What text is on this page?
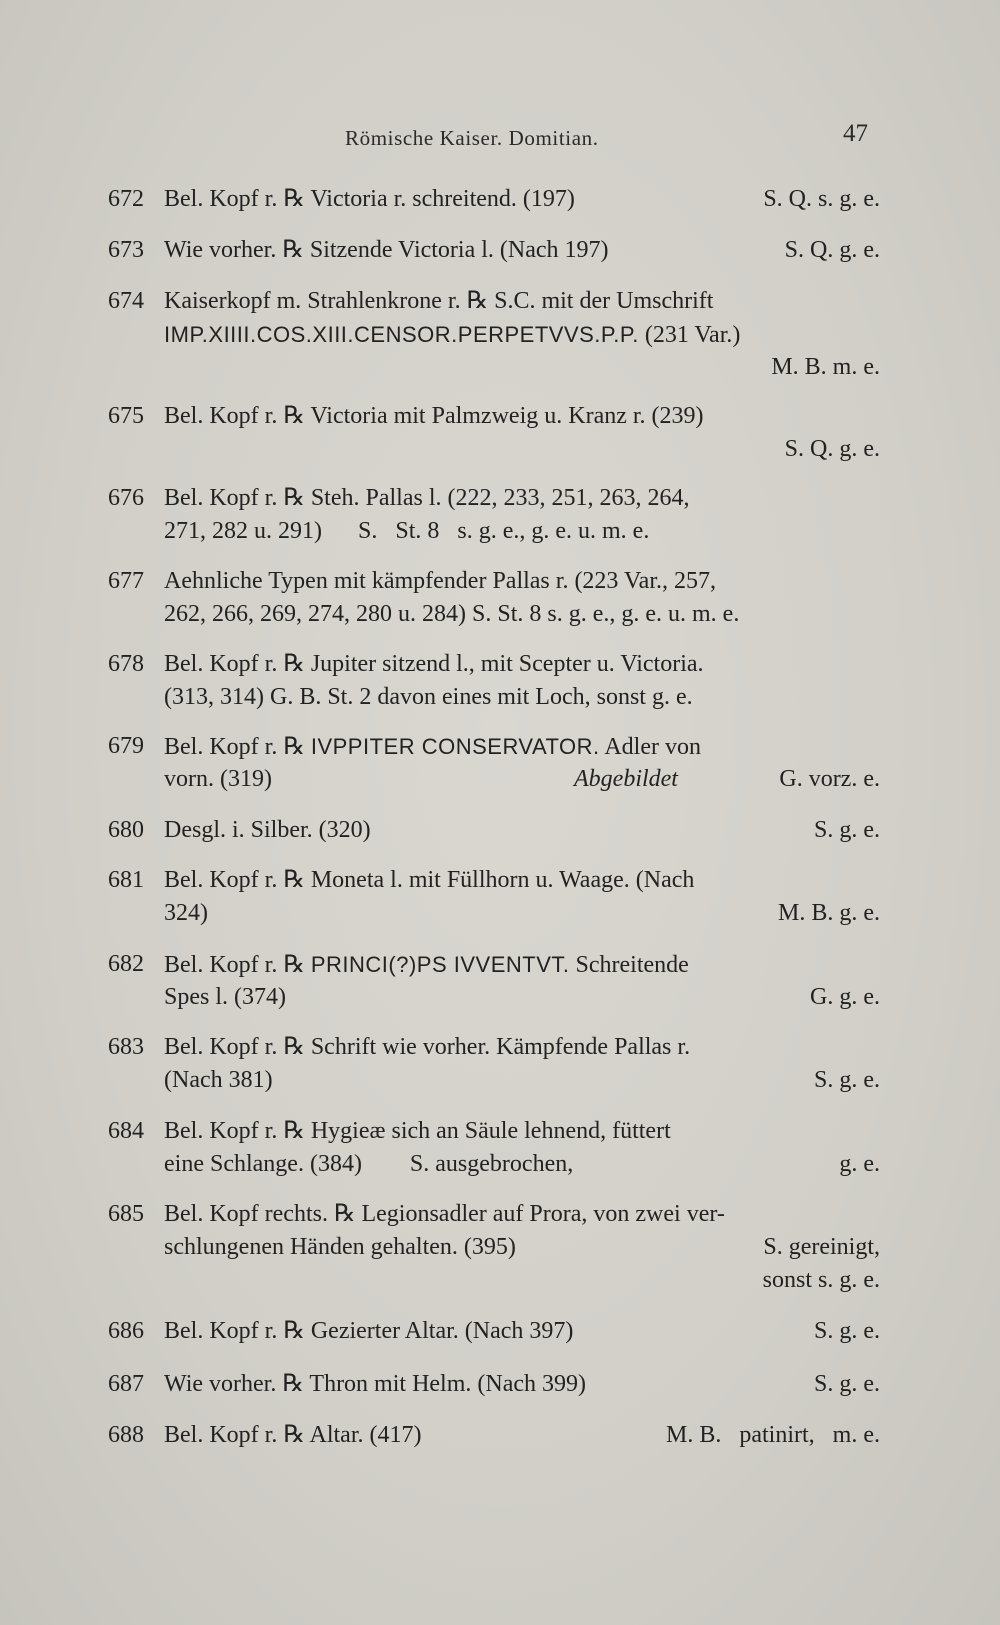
Römische Kaiser. Domitian.	47
672 Bel. Kopf r. ℞ Victoria r. schreitend. (197)	S. Q. s. g. e.
673 Wie vorher. ℞ Sitzende Victoria l. (Nach 197)	S. Q. g. e.
674 Kaiserkopf m. Strahlenkrone r. ℞ S.C. mit der Umschrift
IMP.XIIII.COS.XIII.CENSOR.PERPETVVS.P.P. (231 Var.)
M. B. m. e.
675 Bel. Kopf r. ℞ Victoria mit Palmzweig u. Kranz r. (239)
S. Q. g. e.
676 Bel. Kopf r. ℞ Steh. Pallas l. (222, 233, 251, 263, 264,
271, 282 u. 291)      S.   St. 8   s. g. e., g. e. u. m. e.
677 Aehnliche Typen mit kämpfender Pallas r. (223 Var., 257,
262, 266, 269, 274, 280 u. 284) S. St. 8 s. g. e., g. e. u. m. e.
678 Bel. Kopf r. ℞ Jupiter sitzend l., mit Scepter u. Victoria.
(313, 314) G. B. St. 2 davon eines mit Loch, sonst g. e.
679 Bel. Kopf r. ℞ IVPPITER CONSERVATOR. Adler von
vorn. (319)	Abgebildet	G. vorz. e.
680 Desgl. i. Silber. (320)	S. g. e.
681 Bel. Kopf r. ℞ Moneta l. mit Füllhorn u. Waage. (Nach
324)	M. B. g. e.
682 Bel. Kopf r. ℞ PRINCI(?)PS IVVENTVT. Schreitende
Spes l. (374)	G. g. e.
683 Bel. Kopf r. ℞ Schrift wie vorher. Kämpfende Pallas r.
(Nach 381)	S. g. e.
684 Bel. Kopf r. ℞ Hygieæ sich an Säule lehnend, füttert
eine Schlange. (384)        S. ausgebrochen,	g. e.
685 Bel. Kopf rechts. ℞ Legionsadler auf Prora, von zwei ver-
schlungenen Händen gehalten. (395)	S. gereinigt,
sonst s. g. e.
686 Bel. Kopf r. ℞ Gezierter Altar. (Nach 397)	S. g. e.
687 Wie vorher. ℞ Thron mit Helm. (Nach 399)	S. g. e.
688 Bel. Kopf r. ℞ Altar. (417)	M. B.   patinirt,   m. e.
